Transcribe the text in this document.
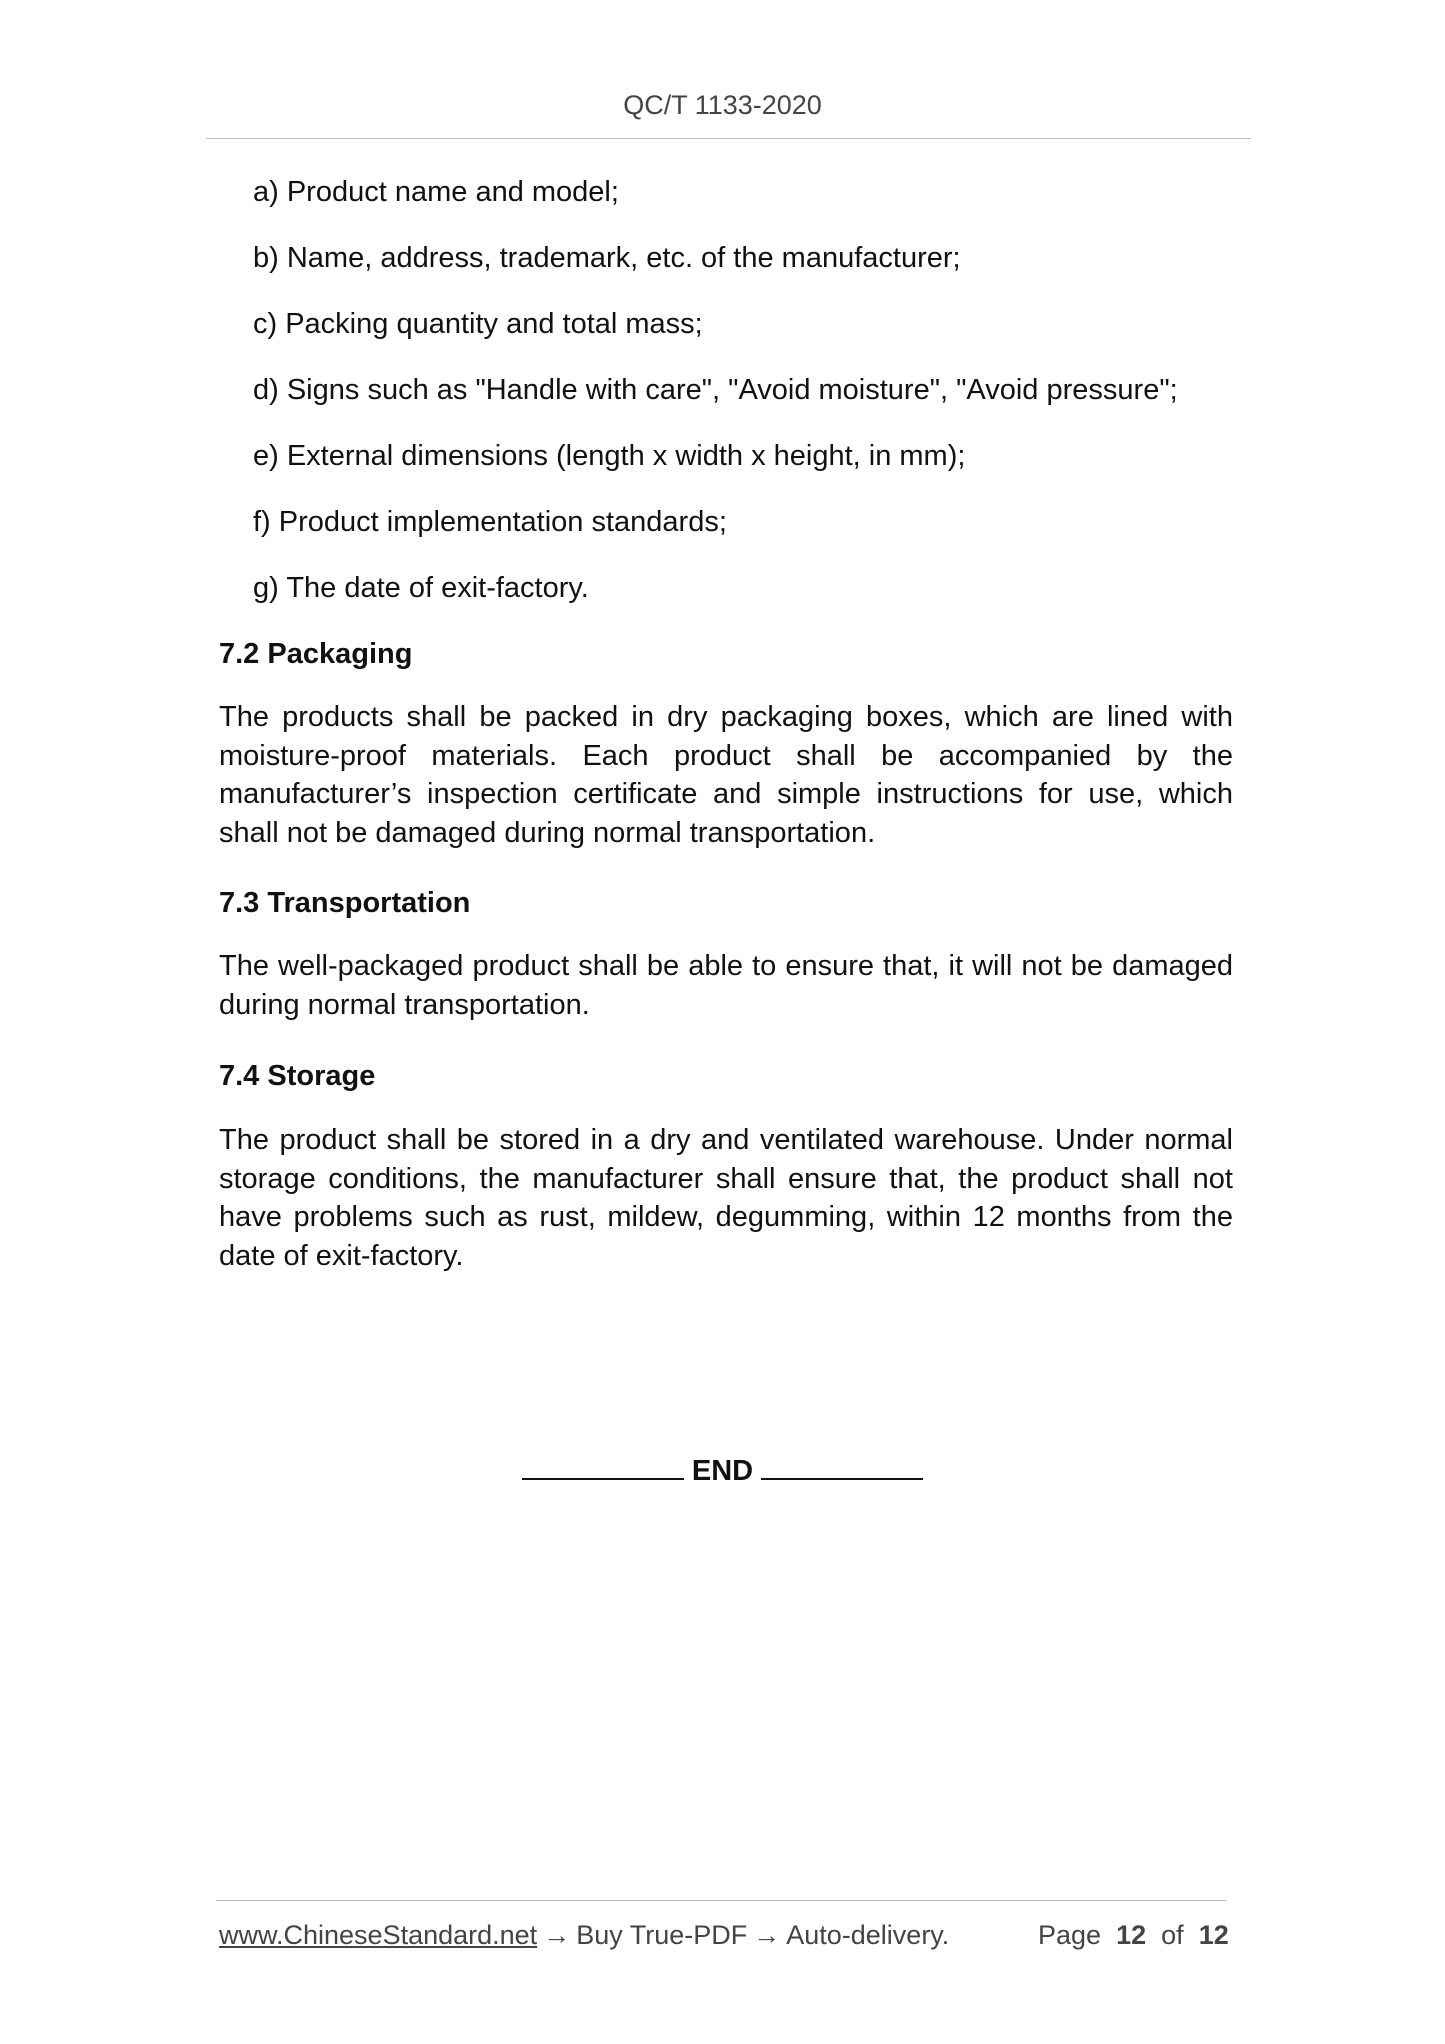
QC/T 1133-2020
a) Product name and model;
b) Name, address, trademark, etc. of the manufacturer;
c) Packing quantity and total mass;
d) Signs such as "Handle with care", "Avoid moisture", "Avoid pressure";
e) External dimensions (length x width x height, in mm);
f) Product implementation standards;
g) The date of exit-factory.
7.2 Packaging
The products shall be packed in dry packaging boxes, which are lined with moisture-proof materials. Each product shall be accompanied by the manufacturer’s inspection certificate and simple instructions for use, which shall not be damaged during normal transportation.
7.3 Transportation
The well-packaged product shall be able to ensure that, it will not be damaged during normal transportation.
7.4 Storage
The product shall be stored in a dry and ventilated warehouse. Under normal storage conditions, the manufacturer shall ensure that, the product shall not have problems such as rust, mildew, degumming, within 12 months from the date of exit-factory.
END
www.ChineseStandard.net → Buy True-PDF → Auto-delivery.	Page 12 of 12
